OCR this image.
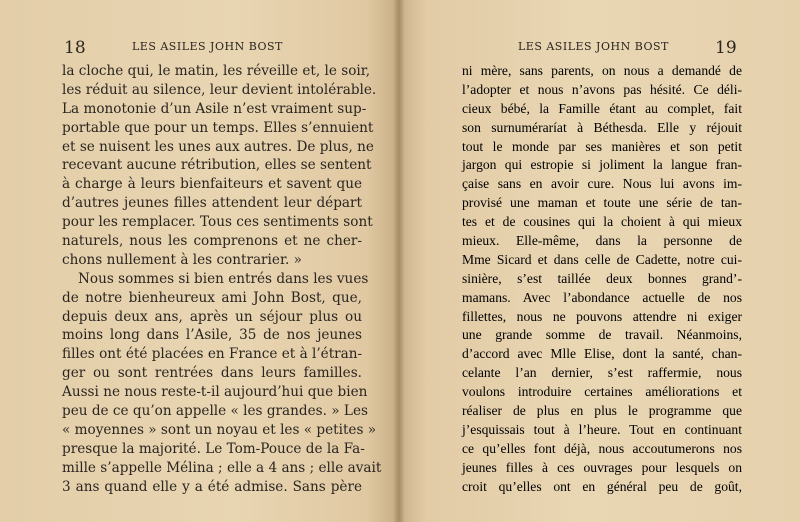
18	LES ASILES JOHN BOST
la cloche qui, le matin, les réveille et, le soir,
les réduit au silence, leur devient intolérable.
La monotonie d’un Asile n’est vraiment sup-
portable que pour un temps. Elles s’ennuient
et se nuisent les unes aux autres. De plus, ne
recevant aucune rétribution, elles se sentent
à charge à leurs bienfaiteurs et savent que
d’autres jeunes filles attendent leur départ
pour les remplacer. Tous ces sentiments sont
naturels, nous les comprenons et ne cher-
chons nullement à les contrarier. »
Nous sommes si bien entrés dans les vues
de notre bienheureux ami John Bost, que,
depuis deux ans, après un séjour plus ou
moins long dans l’Asile, 35 de nos jeunes
filles ont été placées en France et à l’étran-
ger ou sont rentrées dans leurs familles.
Aussi ne nous reste-t-il aujourd’hui que bien
peu de ce qu’on appelle « les grandes. » Les
« moyennes » sont un noyau et les « petites »
presque la majorité. Le Tom-Pouce de la Fa-
mille s’appelle Mélina ; elle a 4 ans ; elle avait
3 ans quand elle y a été admise. Sans père
LES ASILES JOHN BOST	19
ni mère, sans parents, on nous a demandé de
l’adopter et nous n’avons pas hésité. Ce déli-
cieux bébé, la Famille étant au complet, fait
son surnuméraríat à Béthesda. Elle y réjouit
tout le monde par ses manières et son petit
jargon qui estropie si joliment la langue fran-
çaise sans en avoir cure. Nous lui avons im-
provisé une maman et toute une série de tan-
tes et de cousines qui la choient à qui mieux
mieux. Elle-même, dans la personne de
Mme Sicard et dans celle de Cadette, notre cui-
sinière, s’est taillée deux bonnes grand’-
mamans. Avec l’abondance actuelle de nos
fillettes, nous ne pouvons attendre ni exiger
une grande somme de travail. Néanmoins,
d’accord avec Mlle Elise, dont la santé, chan-
celante l’an dernier, s’est raffermie, nous
voulons introduire certaines améliorations et
réaliser de plus en plus le programme que
j’esquissais tout à l’heure. Tout en continuant
ce qu’elles font déjà, nous accoutumerons nos
jeunes filles à ces ouvrages pour lesquels on
croit qu’elles ont en général peu de goût,
